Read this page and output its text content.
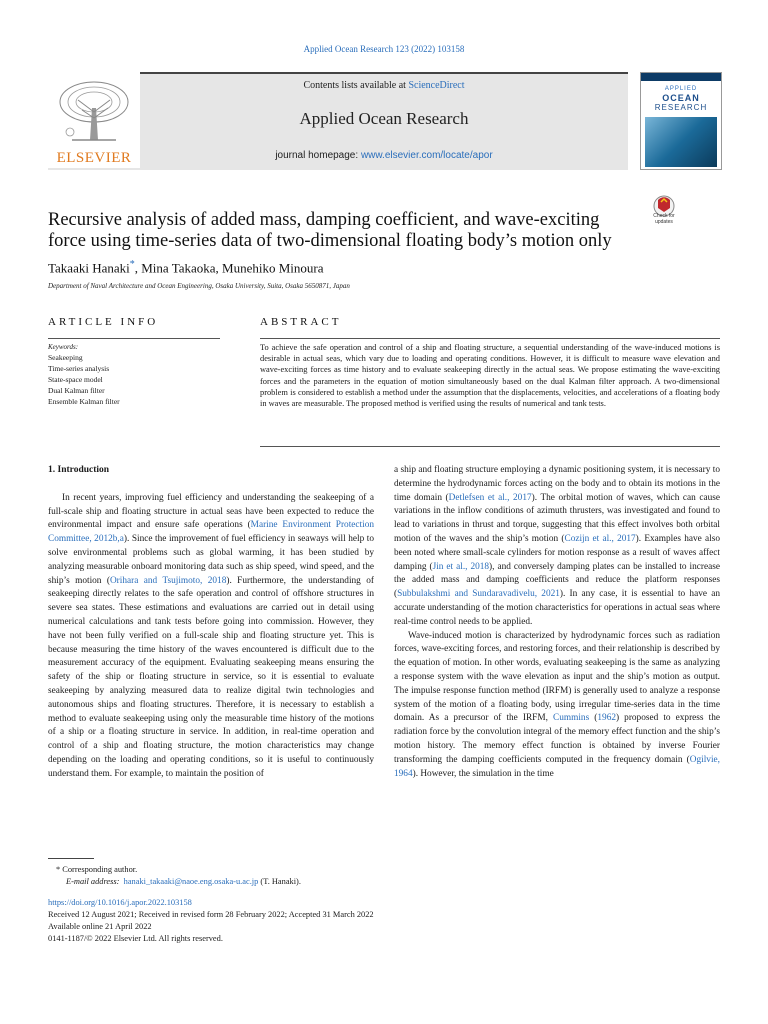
Applied Ocean Research 123 (2022) 103158
ELSEVIER
Contents lists available at ScienceDirect
Applied Ocean Research
journal homepage: www.elsevier.com/locate/apor
APPLIED
OCEAN
RESEARCH
Check for updates
Recursive analysis of added mass, damping coefficient, and wave-exciting
force using time-series data of two-dimensional floating body’s motion only
Takaaki Hanaki*, Mina Takaoka, Munehiko Minoura
Department of Naval Architecture and Ocean Engineering, Osaka University, Suita, Osaka 5650871, Japan
ARTICLE INFO	ABSTRACT
Keywords:
Seakeeping
Time-series analysis
State-space model
Dual Kalman filter
Ensemble Kalman filter
To achieve the safe operation and control of a ship and floating structure, a sequential understanding of the wave-induced motions is desirable in actual seas, which vary due to loading and operating conditions. However, it is difficult to measure wave elevation and wave-exciting forces as time history and to evaluate seakeeping directly in the actual seas. We propose estimating the wave-exciting forces and the parameters in the equation of motion simultaneously based on the dual Kalman filter approach. A two-dimensional problem is considered to establish a method under the assumption that the displacements, velocities, and accelerations of a floating body in waves are measurable. The proposed method is verified using the results of numerical and tank tests.

1. Introduction

In recent years, improving fuel efficiency and understanding the seakeeping of a full-scale ship and floating structure in actual seas have been expected to reduce the environmental impact and ensure safe operations (Marine Environment Protection Committee, 2012b,a). Since the improvement of fuel efficiency in seaways will help to solve environmental problems such as global warming, it has been studied by analyzing measurable onboard monitoring data such as ship speed, wind speed, and the ship’s motion (Orihara and Tsujimoto, 2018). Furthermore, the understanding of seakeeping directly relates to the safe operation and control of offshore structures in severe sea states. These estimations and evaluations are carried out in detail using numerical calculations and tank tests before going into commission. However, they have not been fully verified on a full-scale ship and floating structure yet. This is because measuring the time history of the waves encountered is difficult due to the measurement accuracy of the equipment. Evaluating seakeeping means ensuring the safety of the ship or floating structure in service, so it is essential to evaluate seakeeping by analyzing measured data to realize digital twin technologies and autonomous ships and floating structures. Therefore, it is necessary to establish a method to evaluate seakeeping using only the measurable time history of the motions of a ship or a floating structure in service. In addition, in real-time operation and control of a ship and floating structure, the motion characteristics may change depending on the loading and operating conditions, so it is useful to continuously understand them. For example, to maintain the position of

a ship and floating structure employing a dynamic positioning system, it is necessary to determine the hydrodynamic forces acting on the body and to obtain its motions in the time domain (Detlefsen et al., 2017). The orbital motion of waves, which can cause variations in the inflow conditions of azimuth thrusters, was investigated and found to lead to variations in thrust and torque, suggesting that this effect involves both orbital motion of the waves and the ship’s motion (Cozijn et al., 2017). Examples have also been noted where small-scale cylinders for motion response as a result of waves affect damping (Jin et al., 2018), and conversely damping plates can be installed to increase the added mass and damping coefficients and reduce the platform responses (Subbulakshmi and Sundaravadivelu, 2021). In any case, it is essential to have an accurate understanding of the motion characteristics for operations in actual seas where real-time control needs to be applied.

Wave-induced motion is characterized by hydrodynamic forces such as radiation forces, wave-exciting forces, and restoring forces, and their relationship is described by the equation of motion. In other words, evaluating seakeeping is the same as analyzing a response system with the wave elevation as input and the ship’s motion as output. The impulse response function method (IRFM) is generally used to analyze a response system of the motion of a floating body, using irregular time-series data in the time domain. As a precursor of the IRFM, Cummins (1962) proposed to express the radiation force by the convolution integral of the memory effect function and the ship’s motion history. The memory effect function is obtained by inverse Fourier transforming the damping coefficients computed in the frequency domain (Ogilvie, 1964). However, the simulation in the time

* Corresponding author.
E-mail address: hanaki_takaaki@naoe.eng.osaka-u.ac.jp (T. Hanaki).
https://doi.org/10.1016/j.apor.2022.103158
Received 12 August 2021; Received in revised form 28 February 2022; Accepted 31 March 2022
Available online 21 April 2022
0141-1187/© 2022 Elsevier Ltd. All rights reserved.
